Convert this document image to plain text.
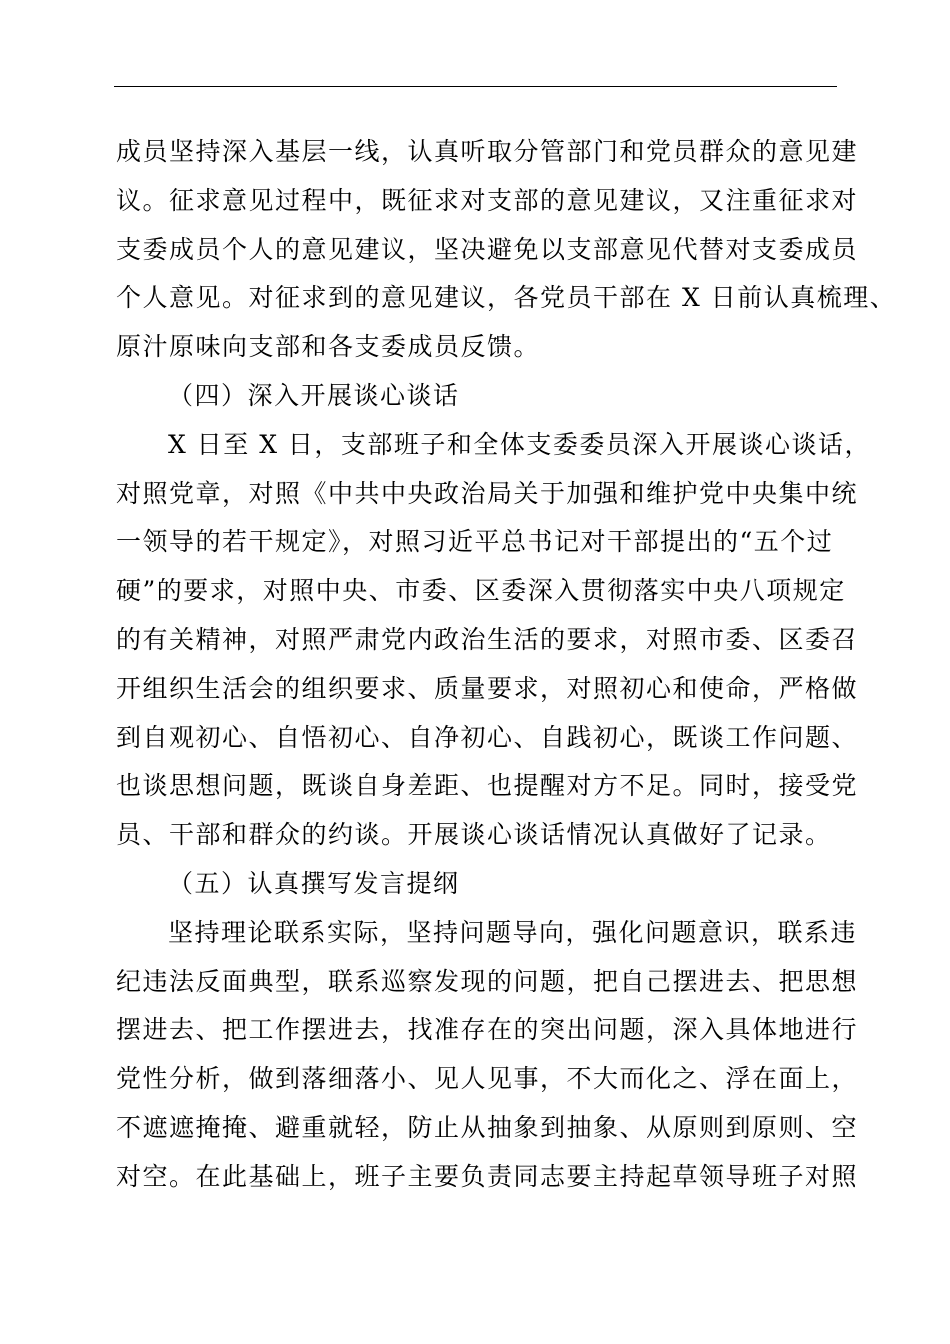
成员坚持深入基层一线，认真听取分管部门和党员群众的意见建
议。征求意见过程中，既征求对支部的意见建议，又注重征求对
支委成员个人的意见建议，坚决避免以支部意见代替对支委成员
个人意见。对征求到的意见建议，各党员干部在 X 日前认真梳理、
原汁原味向支部和各支委成员反馈。
（四）深入开展谈心谈话
X 日至 X 日，支部班子和全体支委委员深入开展谈心谈话，
对照党章，对照《中共中央政治局关于加强和维护党中央集中统
一领导的若干规定》，对照习近平总书记对干部提出的“五个过
硬”的要求，对照中央、市委、区委深入贯彻落实中央八项规定
的有关精神，对照严肃党内政治生活的要求，对照市委、区委召
开组织生活会的组织要求、质量要求，对照初心和使命，严格做
到自观初心、自悟初心、自净初心、自践初心，既谈工作问题、
也谈思想问题，既谈自身差距、也提醒对方不足。同时，接受党
员、干部和群众的约谈。开展谈心谈话情况认真做好了记录。
（五）认真撰写发言提纲
坚持理论联系实际，坚持问题导向，强化问题意识，联系违
纪违法反面典型，联系巡察发现的问题，把自己摆进去、把思想
摆进去、把工作摆进去，找准存在的突出问题，深入具体地进行
党性分析，做到落细落小、见人见事，不大而化之、浮在面上，
不遮遮掩掩、避重就轻，防止从抽象到抽象、从原则到原则、空
对空。在此基础上，班子主要负责同志要主持起草领导班子对照
